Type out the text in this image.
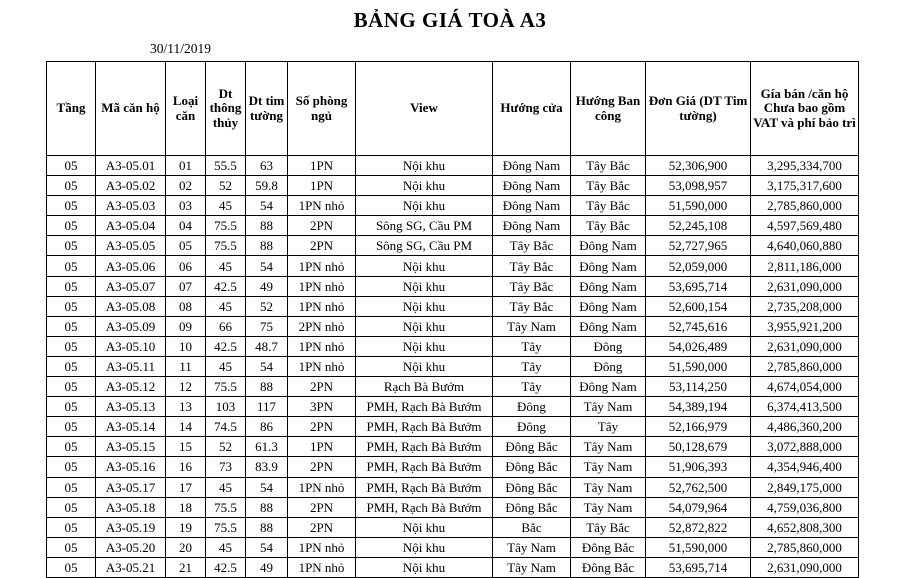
BẢNG GIÁ TOÀ A3
30/11/2019
Tầng	Mã căn hộ	Loại căn	Dt thông thủy	Dt tim tường	Số phòng ngủ	View	Hướng cửa	Hướng Ban công	Đơn Giá (DT Tim tường)	Gía bán /căn hộ Chưa bao gồm VAT và phí bảo trì
05	A3-05.01	01	55.5	63	1PN	Nội khu	Đông Nam	Tây Bắc	52,306,900	3,295,334,700
05	A3-05.02	02	52	59.8	1PN	Nội khu	Đông Nam	Tây Bắc	53,098,957	3,175,317,600
05	A3-05.03	03	45	54	1PN nhỏ	Nội khu	Đông Nam	Tây Bắc	51,590,000	2,785,860,000
05	A3-05.04	04	75.5	88	2PN	Sông SG, Cầu PM	Đông Nam	Tây Bắc	52,245,108	4,597,569,480
05	A3-05.05	05	75.5	88	2PN	Sông SG, Cầu PM	Tây Bắc	Đông Nam	52,727,965	4,640,060,880
05	A3-05.06	06	45	54	1PN nhỏ	Nội khu	Tây Bắc	Đông Nam	52,059,000	2,811,186,000
05	A3-05.07	07	42.5	49	1PN nhỏ	Nội khu	Tây Bắc	Đông Nam	53,695,714	2,631,090,000
05	A3-05.08	08	45	52	1PN nhỏ	Nội khu	Tây Bắc	Đông Nam	52,600,154	2,735,208,000
05	A3-05.09	09	66	75	2PN nhỏ	Nội khu	Tây Nam	Đông Nam	52,745,616	3,955,921,200
05	A3-05.10	10	42.5	48.7	1PN nhỏ	Nội khu	Tây	Đông	54,026,489	2,631,090,000
05	A3-05.11	11	45	54	1PN nhỏ	Nội khu	Tây	Đông	51,590,000	2,785,860,000
05	A3-05.12	12	75.5	88	2PN	Rạch Bà Bướm	Tây	Đông Nam	53,114,250	4,674,054,000
05	A3-05.13	13	103	117	3PN	PMH, Rạch Bà Bướm	Đông	Tây Nam	54,389,194	6,374,413,500
05	A3-05.14	14	74.5	86	2PN	PMH, Rạch Bà Bướm	Đông	Tây	52,166,979	4,486,360,200
05	A3-05.15	15	52	61.3	1PN	PMH, Rạch Bà Bướm	Đông Bắc	Tây Nam	50,128,679	3,072,888,000
05	A3-05.16	16	73	83.9	2PN	PMH, Rạch Bà Bướm	Đông Bắc	Tây Nam	51,906,393	4,354,946,400
05	A3-05.17	17	45	54	1PN nhỏ	PMH, Rạch Bà Bướm	Đông Bắc	Tây Nam	52,762,500	2,849,175,000
05	A3-05.18	18	75.5	88	2PN	PMH, Rạch Bà Bướm	Đông Bắc	Tây Nam	54,079,964	4,759,036,800
05	A3-05.19	19	75.5	88	2PN	Nội khu	Bắc	Tây Bắc	52,872,822	4,652,808,300
05	A3-05.20	20	45	54	1PN nhỏ	Nội khu	Tây Nam	Đông Bắc	51,590,000	2,785,860,000
05	A3-05.21	21	42.5	49	1PN nhỏ	Nội khu	Tây Nam	Đông Bắc	53,695,714	2,631,090,000
